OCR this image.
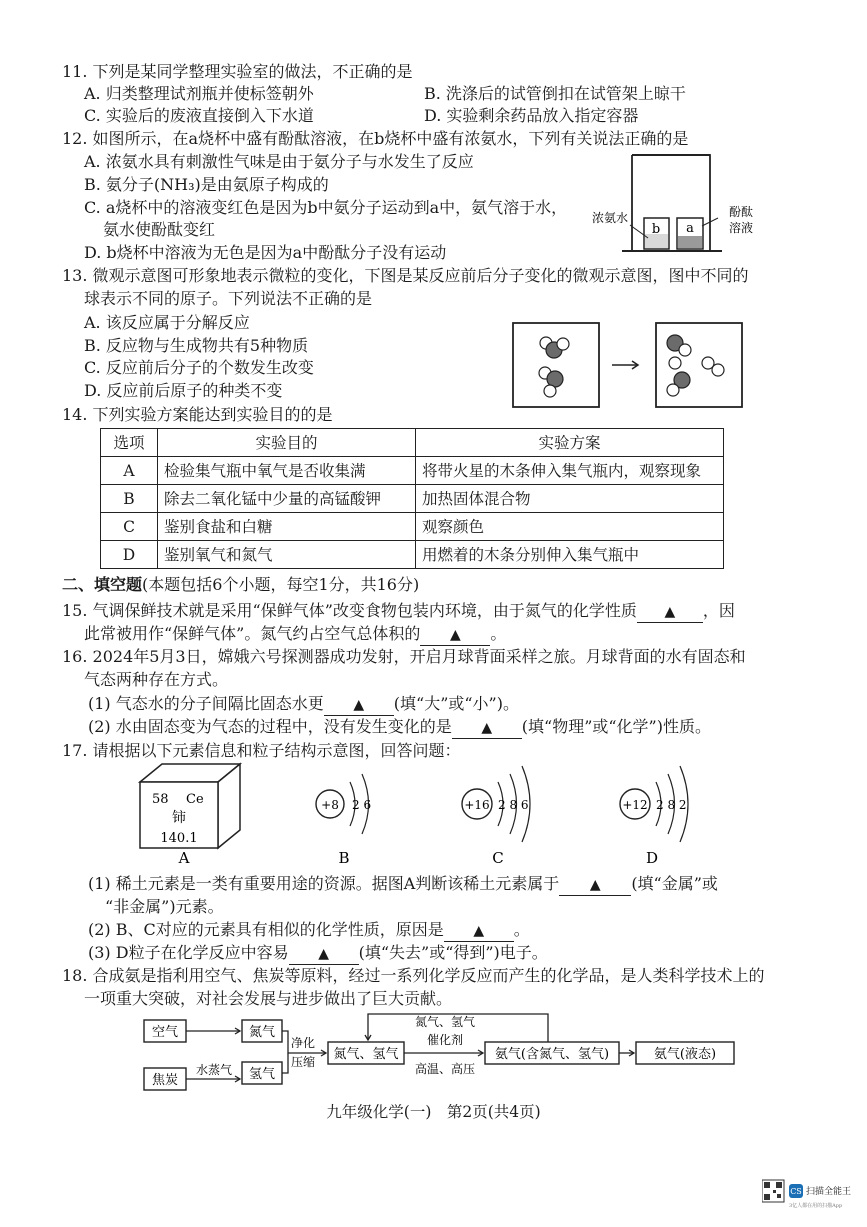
11. 下列是某同学整理实验室的做法，不正确的是
A. 归类整理试剂瓶并使标签朝外	B. 洗涤后的试管倒扣在试管架上晾干
C. 实验后的废液直接倒入下水道	D. 实验剩余药品放入指定容器
12. 如图所示，在a烧杯中盛有酚酞溶液，在b烧杯中盛有浓氨水，下列有关说法正确的是
A. 浓氨水具有刺激性气味是由于氨分子与水发生了反应
B. 氨分子(NH₃)是由氨原子构成的
C. a烧杯中的溶液变红色是因为b中氨分子运动到a中，氨气溶于水，
氨水使酚酞变红
D. b烧杯中溶液为无色是因为a中酚酞分子没有运动
b a
浓氨水	酚酞
溶液
13. 微观示意图可形象地表示微粒的变化，下图是某反应前后分子变化的微观示意图，图中不同的
球表示不同的原子。下列说法不正确的是
A. 该反应属于分解反应
B. 反应物与生成物共有5种物质
C. 反应前后分子的个数发生改变
D. 反应前后原子的种类不变
14. 下列实验方案能达到实验目的的是
选项	实验目的	实验方案
A	检验集气瓶中氧气是否收集满	将带火星的木条伸入集气瓶内，观察现象
B	除去二氧化锰中少量的高锰酸钾	加热固体混合物
C	鉴别食盐和白糖	观察颜色
D	鉴别氧气和氮气	用燃着的木条分别伸入集气瓶中
二、填空题(本题包括6个小题，每空1分，共16分)
15. 气调保鲜技术就是采用“保鲜气体”改变食物包装内环境，由于氮气的化学性质 ▲ ，因
此常被用作“保鲜气体”。氮气约占空气总体积的 ▲ 。
16. 2024年5月3日，嫦娥六号探测器成功发射，开启月球背面采样之旅。月球背面的水有固态和
气态两种存在方式。
(1) 气态水的分子间隔比固态水更 ▲ (填“大”或“小”)。
(2) 水由固态变为气态的过程中，没有发生变化的是 ▲ (填“物理”或“化学”)性质。
17. 请根据以下元素信息和粒子结构示意图，回答问题：
58 Ce
铈
140.1
A
+8 2 6
B
+16 2 8 6
C
+12 2 8 2
D
(1) 稀土元素是一类有重要用途的资源。据图A判断该稀土元素属于 ▲ (填“金属”或
“非金属”)元素。
(2) B、C对应的元素具有相似的化学性质，原因是 ▲ 。
(3) D粒子在化学反应中容易 ▲ (填“失去”或“得到”)电子。
18. 合成氨是指利用空气、焦炭等原料，经过一系列化学反应而产生的化学品，是人类科学技术上的
一项重大突破，对社会发展与进步做出了巨大贡献。
空气	氮气
焦炭	氢气
氮气、氢气	氨气(含氮气、氢气)	氨气(液态)
水蒸气
净化
压缩
氮气、氢气
催化剂
高温、高压
九年级化学(一)　第2页(共4页)
CS 扫描全能王
3亿人都在用的扫描App
